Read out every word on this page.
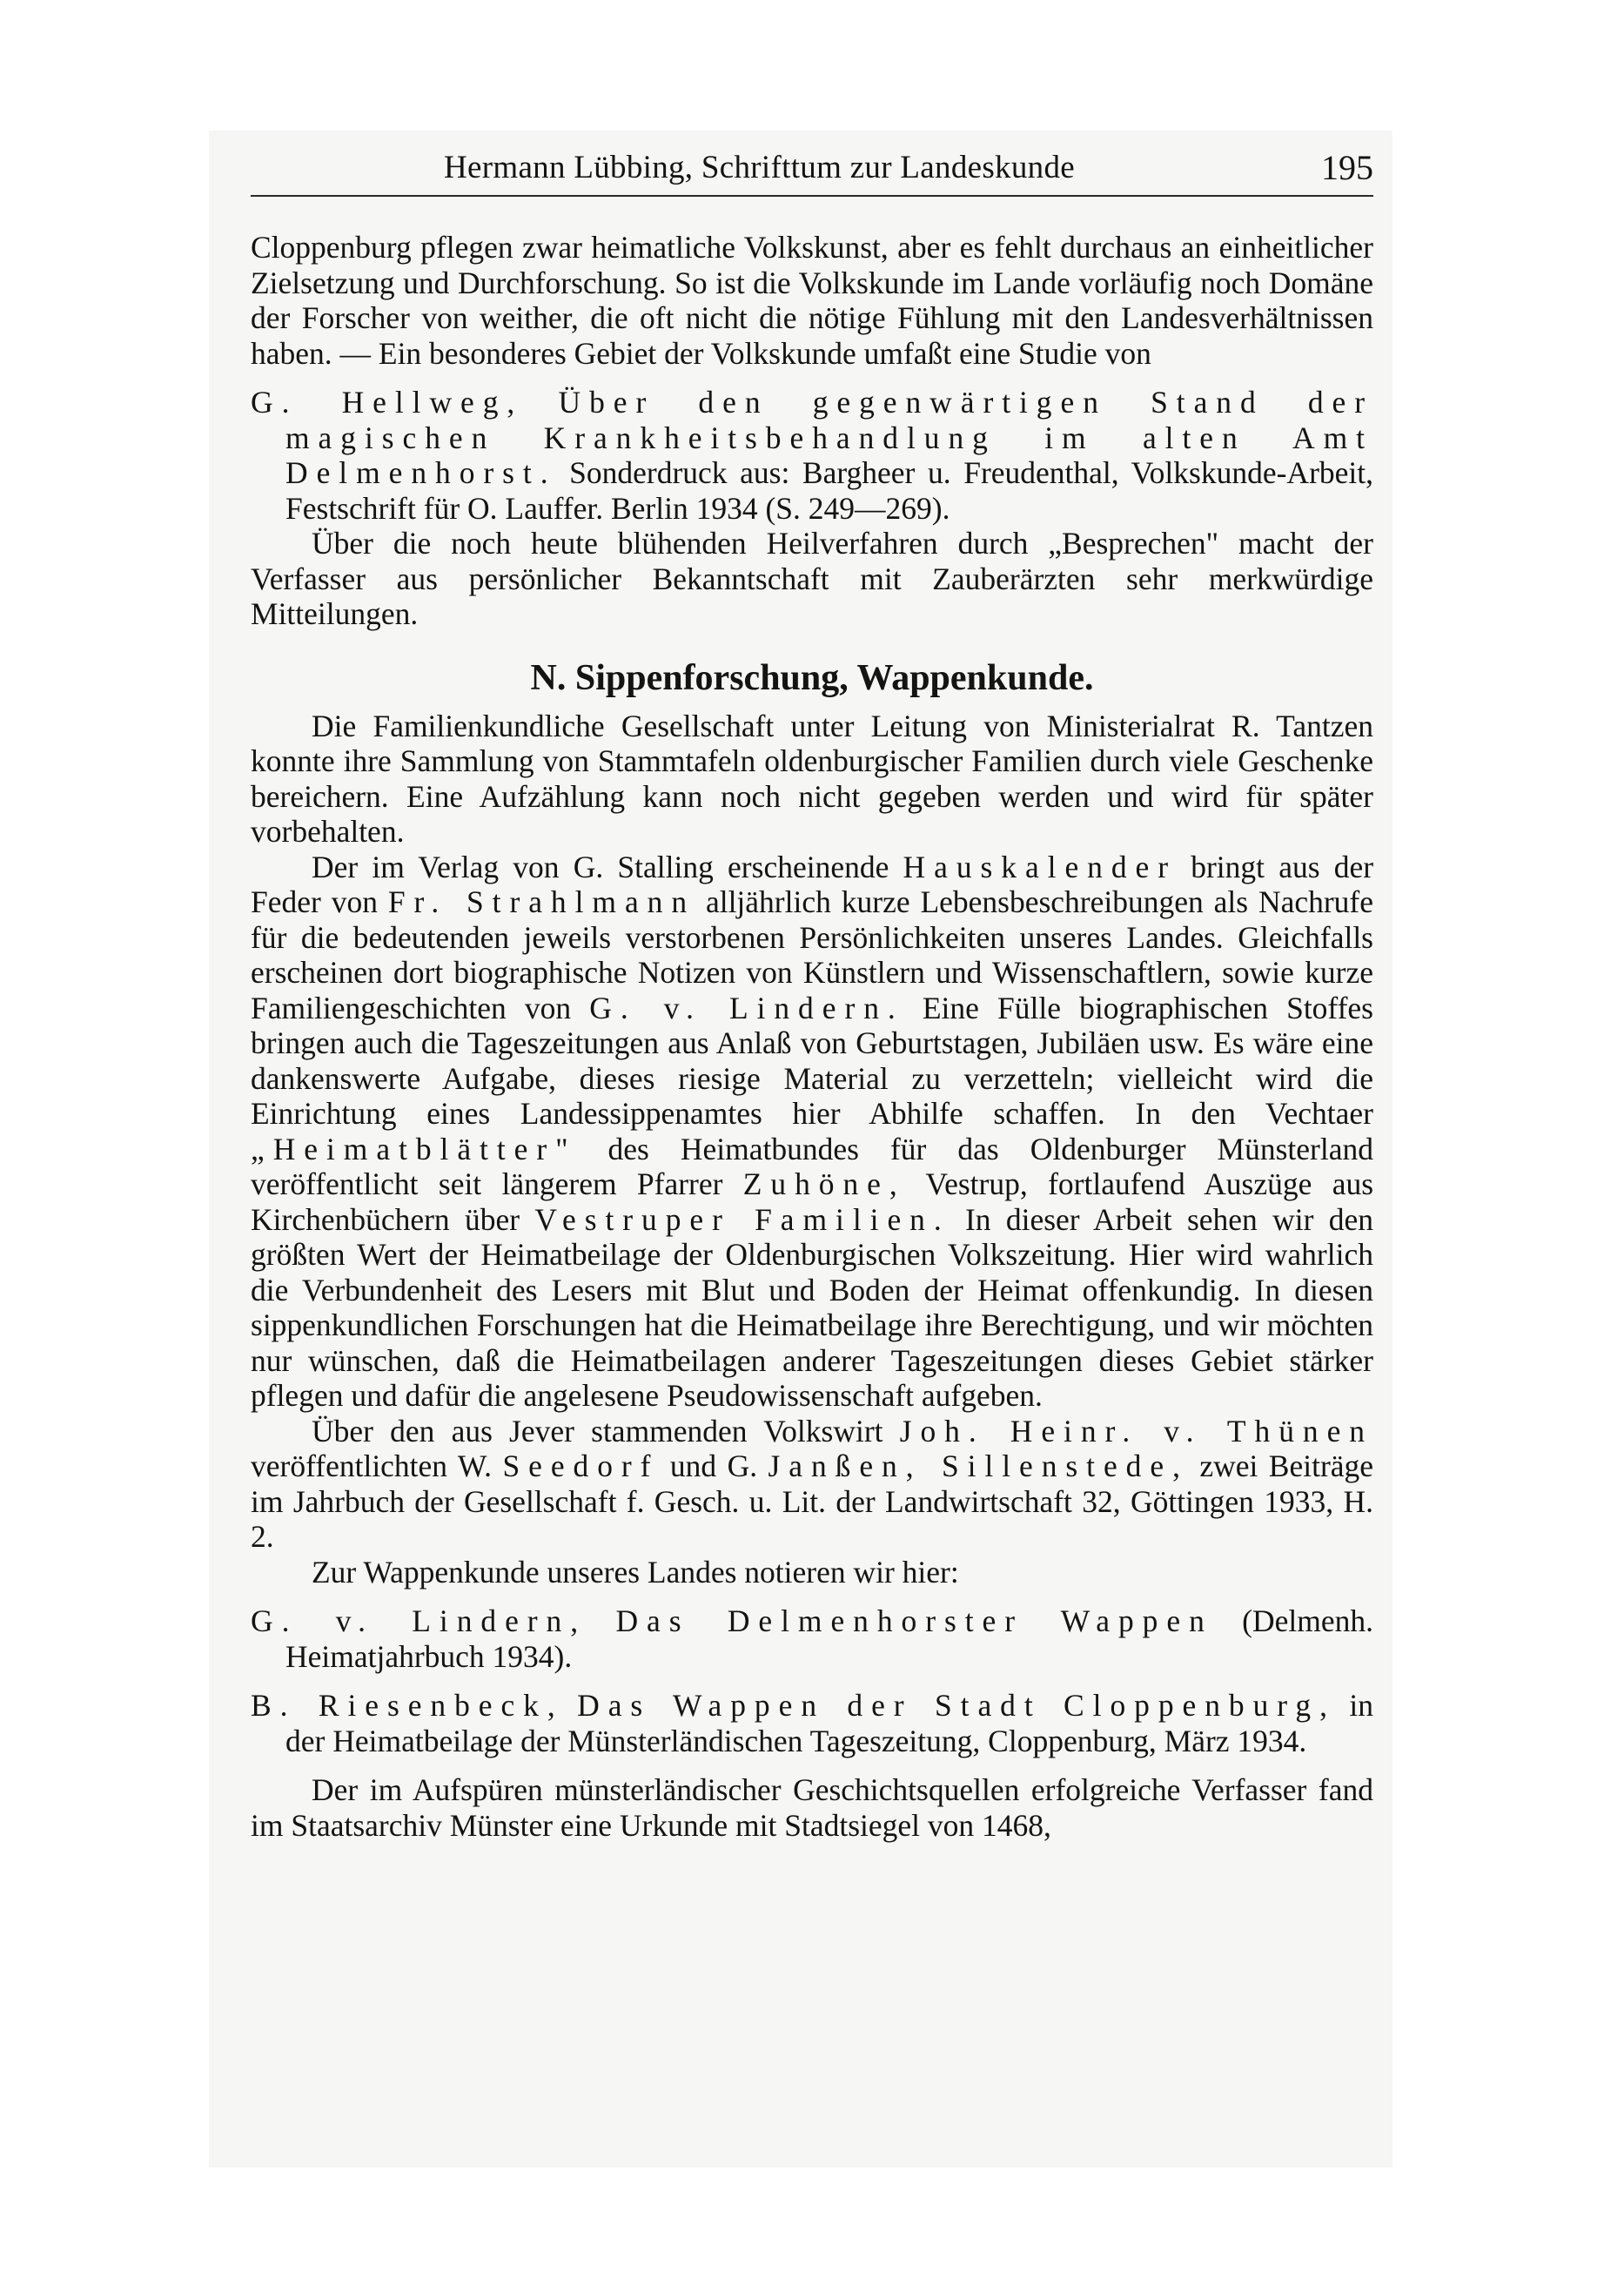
Hermann Lübbing, Schrifttum zur Landeskunde	195

Cloppenburg pflegen zwar heimatliche Volkskunst, aber es fehlt durchaus an einheitlicher Zielsetzung und Durchforschung. So ist die Volkskunde im Lande vorläufig noch Domäne der Forscher von weither, die oft nicht die nötige Fühlung mit den Landesverhältnissen haben. — Ein besonderes Gebiet der Volkskunde umfaßt eine Studie von

G. Hellweg, Über den gegenwärtigen Stand der magischen Krankheitsbehandlung im alten Amt Delmenhorst. Sonderdruck aus: Bargheer u. Freudenthal, Volkskunde-Arbeit, Festschrift für O. Lauffer. Berlin 1934 (S. 249—269).

Über die noch heute blühenden Heilverfahren durch „Besprechen" macht der Verfasser aus persönlicher Bekanntschaft mit Zauberärzten sehr merkwürdige Mitteilungen.

N. Sippenforschung, Wappenkunde.

Die Familienkundliche Gesellschaft unter Leitung von Ministerialrat R. Tantzen konnte ihre Sammlung von Stammtafeln oldenburgischer Familien durch viele Geschenke bereichern. Eine Aufzählung kann noch nicht gegeben werden und wird für später vorbehalten.

Der im Verlag von G. Stalling erscheinende Hauskalender bringt aus der Feder von Fr. Strahlmann alljährlich kurze Lebensbeschreibungen als Nachrufe für die bedeutenden jeweils verstorbenen Persönlichkeiten unseres Landes. Gleichfalls erscheinen dort biographische Notizen von Künstlern und Wissenschaftlern, sowie kurze Familiengeschichten von G. v. Lindern. Eine Fülle biographischen Stoffes bringen auch die Tageszeitungen aus Anlaß von Geburtstagen, Jubiläen usw. Es wäre eine dankenswerte Aufgabe, dieses riesige Material zu verzetteln; vielleicht wird die Einrichtung eines Landessippenamtes hier Abhilfe schaffen. In den Vechtaer „Heimatblätter" des Heimatbundes für das Oldenburger Münsterland veröffentlicht seit längerem Pfarrer Zuhöne, Vestrup, fortlaufend Auszüge aus Kirchenbüchern über Vestruper Familien. In dieser Arbeit sehen wir den größten Wert der Heimatbeilage der Oldenburgischen Volkszeitung. Hier wird wahrlich die Verbundenheit des Lesers mit Blut und Boden der Heimat offenkundig. In diesen sippenkundlichen Forschungen hat die Heimatbeilage ihre Berechtigung, und wir möchten nur wünschen, daß die Heimatbeilagen anderer Tageszeitungen dieses Gebiet stärker pflegen und dafür die angelesene Pseudowissenschaft aufgeben.

Über den aus Jever stammenden Volkswirt Joh. Heinr. v. Thünen veröffentlichten W. Seedorf und G. Janßen, Sillenstede, zwei Beiträge im Jahrbuch der Gesellschaft f. Gesch. u. Lit. der Landwirtschaft 32, Göttingen 1933, H. 2.

Zur Wappenkunde unseres Landes notieren wir hier:

G. v. Lindern, Das Delmenhorster Wappen (Delmenh. Heimatjahrbuch 1934).

B. Riesenbeck, Das Wappen der Stadt Cloppenburg, in der Heimatbeilage der Münsterländischen Tageszeitung, Cloppenburg, März 1934.

Der im Aufspüren münsterländischer Geschichtsquellen erfolgreiche Verfasser fand im Staatsarchiv Münster eine Urkunde mit Stadtsiegel von 1468,
